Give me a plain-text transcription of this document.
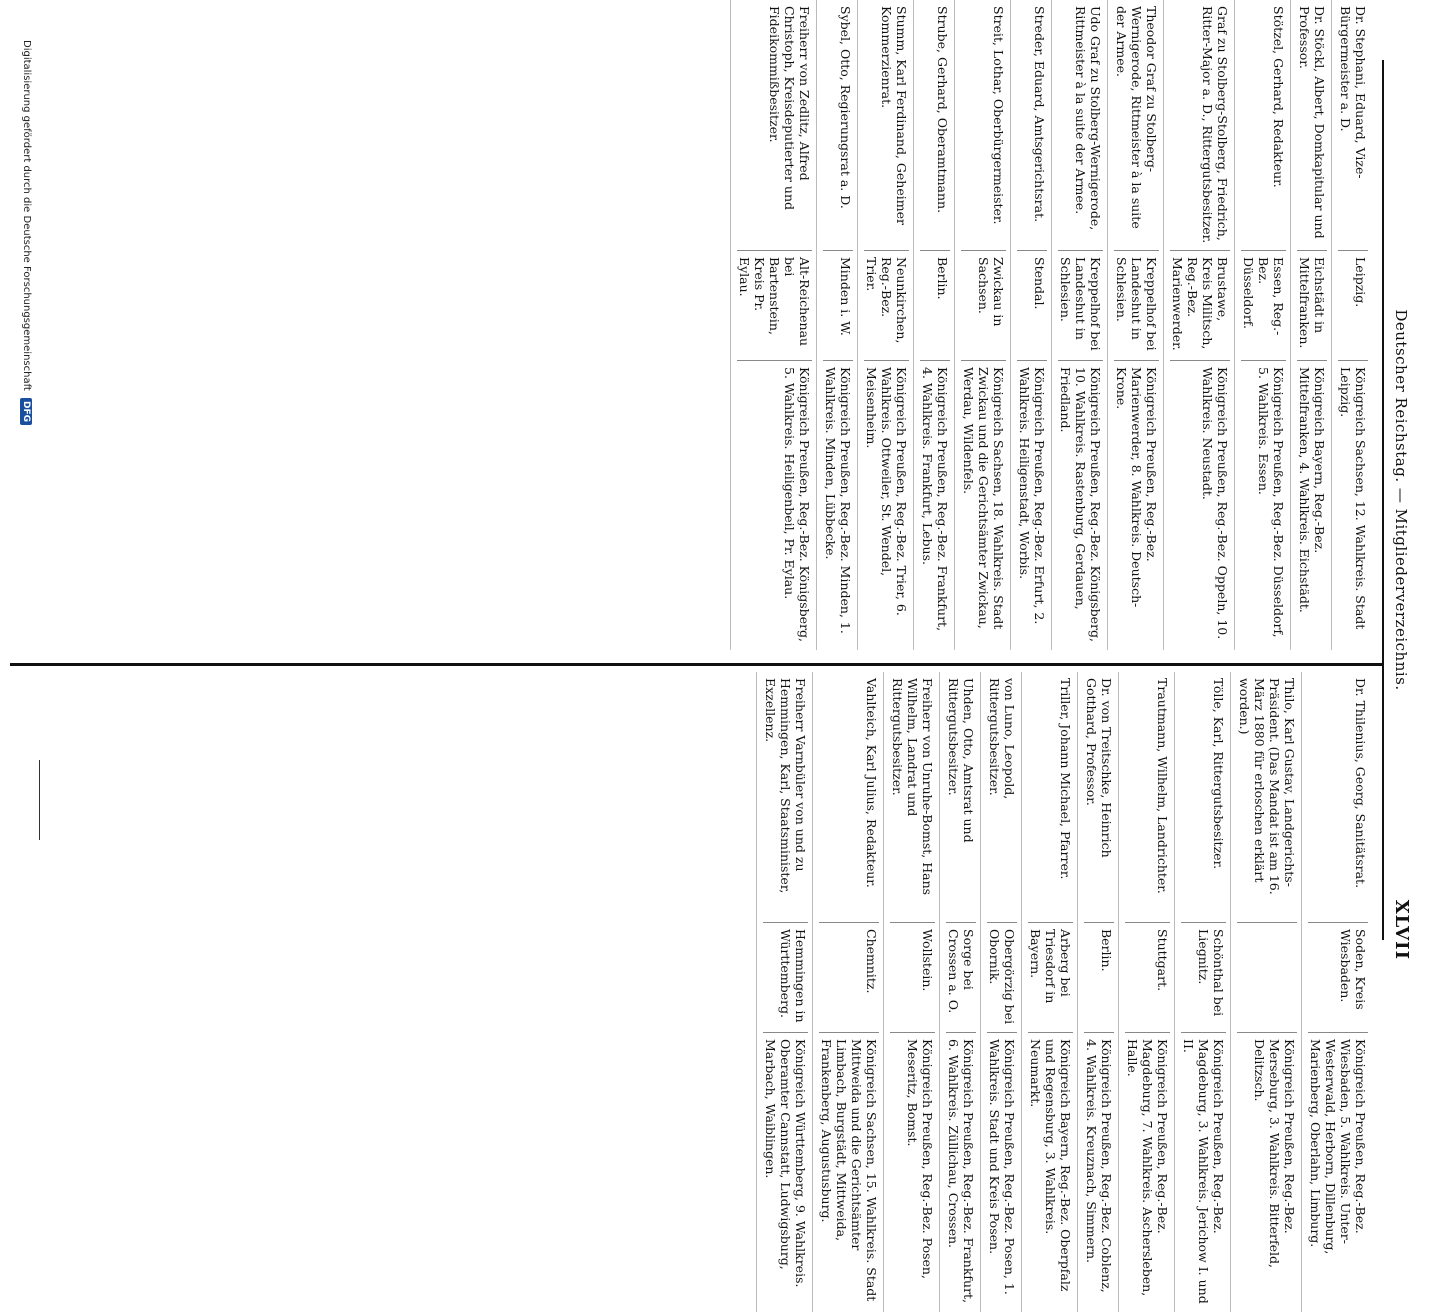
Deutscher Reichstag. — Mitgliederverzeichnis.
XLVII
Dr. Stephani, Eduard, Vize-Bürgermeister a. D.
Leipzig.
Königreich Sachsen, 12. Wahlkreis. Stadt Leipzig.
Dr. Stöckl, Albert, Domkapitular und Professor.
Eichstädt in Mittelfranken.
Königreich Bayern, Reg.-Bez. Mittelfranken, 4. Wahlkreis. Eichstädt.
Stötzel, Gerhard, Redakteur.
Essen, Reg.-Bez. Düsseldorf.
Königreich Preußen, Reg.-Bez. Düsseldorf, 5. Wahlkreis. Essen.
Graf zu Stolberg-Stolberg, Friedrich, Ritter-Major a. D., Rittergutsbesitzer.
Brustawe, Kreis Militsch, Reg.-Bez. Marienwerder.
Königreich Preußen, Reg.-Bez. Oppeln, 10. Wahlkreis. Neustadt.
Theodor Graf zu Stolberg-Wernigerode, Rittmeister à la suite der Armee.
Kreppelhof bei Landeshut in Schlesien.
Königreich Preußen, Reg.-Bez. Marienwerder, 8. Wahlkreis. Deutsch-Krone.
Udo Graf zu Stolberg-Wernigerode, Rittmeister à la suite der Armee.
Kreppelhof bei Landeshut in Schlesien.
Königreich Preußen, Reg.-Bez. Königsberg, 10. Wahlkreis. Rastenburg, Gerdauen, Friedland.
Streder, Eduard, Amtsgerichtsrat.
Stendal.
Königreich Preußen, Reg.-Bez. Erfurt, 2. Wahlkreis. Heiligenstadt, Worbis.
Streit, Lothar, Oberbürgermeister.
Zwickau in Sachsen.
Königreich Sachsen, 18. Wahlkreis. Stadt Zwickau und die Gerichtsämter Zwickau, Werdau, Wildenfels.
Strube, Gerhard, Oberamtmann.
Berlin.
Königreich Preußen, Reg.-Bez. Frankfurt, 4. Wahlkreis. Frankfurt, Lebus.
Stumm, Karl Ferdinand, Geheimer Kommerzienrat.
Neunkirchen, Reg.-Bez. Trier.
Königreich Preußen, Reg.-Bez. Trier, 6. Wahlkreis. Ottweiler, St. Wendel, Meisenheim.
Sybel, Otto, Regierungsrat a. D.
Minden i. W.
Königreich Preußen, Reg.-Bez. Minden, 1. Wahlkreis. Minden, Lübbecke.
Freiherr von Zedlitz, Alfred Christoph, Kreisdeputierter und Fideikommißbesitzer.
Alt-Reichenau bei Bartenstein, Kreis Pr. Eylau.
Königreich Preußen, Reg.-Bez. Königsberg, 5. Wahlkreis. Heiligenbeil, Pr. Eylau.
Dr. Thilenius, Georg, Sanitätsrat.
Soden, Kreis Wiesbaden.
Königreich Preußen, Reg.-Bez. Wiesbaden, 5. Wahlkreis. Unter-Westerwald, Herborn, Dillenburg, Marienberg, Oberlahn, Limburg.
Thilo, Karl Gustav, Landgerichts-Präsident. (Das Mandat ist am 16. März 1880 für erloschen erklärt worden.)
Königreich Preußen, Reg.-Bez. Merseburg, 3. Wahlkreis. Bitterfeld, Delitzsch.
Tölle, Karl, Rittergutsbesitzer.
Schönthal bei Liegnitz.
Königreich Preußen, Reg.-Bez. Magdeburg, 3. Wahlkreis. Jerichow I. und II.
Trautmann, Wilhelm, Landrichter.
Stuttgart.
Königreich Preußen, Reg.-Bez. Magdeburg, 7. Wahlkreis. Aschersleben, Halle.
Dr. von Treitschke, Heinrich Gotthard, Professor.
Berlin.
Königreich Preußen, Reg.-Bez. Coblenz, 4. Wahlkreis. Kreuznach, Simmern.
Triller, Johann Michael, Pfarrer.
Arberg bei Triesdorf in Bayern.
Königreich Bayern, Reg.-Bez. Oberpfalz und Regensburg, 3. Wahlkreis. Neumarkt.
von Luno, Leopold, Rittergutsbesitzer.
Obergörzig bei Obornik.
Königreich Preußen, Reg.-Bez. Posen, 1. Wahlkreis. Stadt und Kreis Posen.
Uhden, Otto, Amtsrat und Rittergutsbesitzer.
Sorge bei Crossen a. O.
Königreich Preußen, Reg.-Bez. Frankfurt, 6. Wahlkreis. Züllichau, Crossen.
Freiherr von Unruhe-Bomst, Hans Wilhelm, Landrat und Rittergutsbesitzer.
Wollstein.
Königreich Preußen, Reg.-Bez. Posen, Meseritz, Bomst.
Vahlteich, Karl Julius, Redakteur.
Chemnitz.
Königreich Sachsen, 15. Wahlkreis. Stadt Mittweida und die Gerichtsämter Limbach, Burgstädt, Mittweida, Frankenberg, Augustusburg.
Freiherr Varnbüler von und zu Hemmingen, Karl, Staatsminister, Exzellenz.
Hemmingen in Württemberg.
Königreich Württemberg, 9. Wahlkreis. Oberamter Cannstatt, Ludwigsburg, Marbach, Waiblingen.
Digitalisierung gefördert durch die Deutsche Forschungsgemeinschaft DFG
